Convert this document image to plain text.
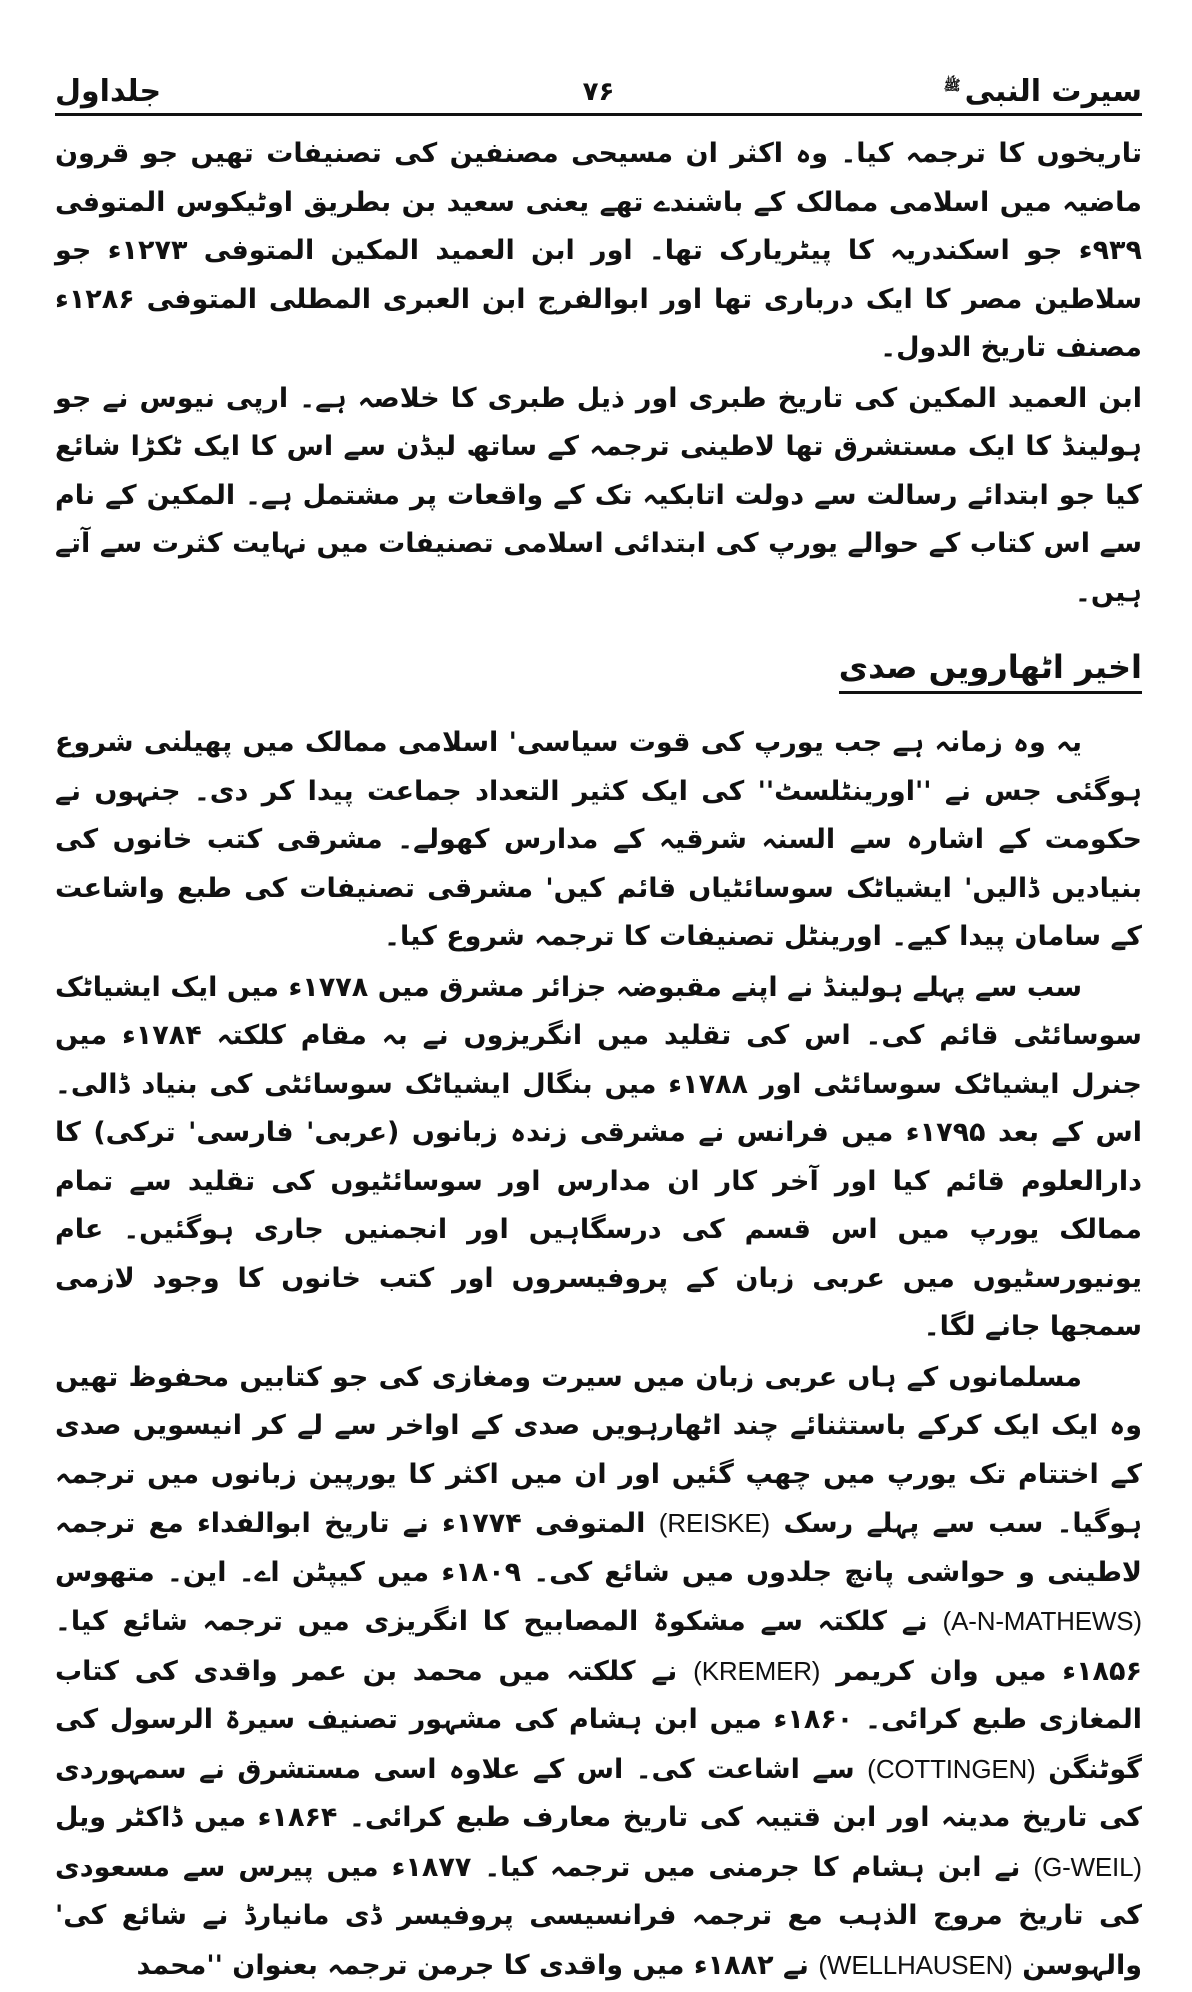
سیرت النبی$^ﷺ$
۷۶
جلداول

تاریخوں کا ترجمہ کیا۔ وہ اکثر ان مسیحی مصنفین کی تصنیفات تھیں جو قرون ماضیہ میں اسلامی ممالک کے باشندے تھے یعنی سعید بن بطریق اوٹیکوس المتوفی ۹۳۹ء جو اسکندریہ کا پیٹریارک تھا۔ اور ابن العمید المکین المتوفی ۱۲۷۳ء جو سلاطین مصر کا ایک درباری تھا اور ابوالفرج ابن العبری المطلی المتوفی ۱۲۸۶ء مصنف تاریخ الدول۔

ابن العمید المکین کی تاریخ طبری اور ذیل طبری کا خلاصہ ہے۔ ارپی نیوس نے جو ہولینڈ کا ایک مستشرق تھا لاطینی ترجمہ کے ساتھ لیڈن سے اس کا ایک ٹکڑا شائع کیا جو ابتدائے رسالت سے دولت اتابکیہ تک کے واقعات پر مشتمل ہے۔ المکین کے نام سے اس کتاب کے حوالے یورپ کی ابتدائی اسلامی تصنیفات میں نہایت کثرت سے آتے ہیں۔

اخیر اٹھارویں صدی

یہ وہ زمانہ ہے جب یورپ کی قوت سیاسی' اسلامی ممالک میں پھیلنی شروع ہوگئی جس نے ''اورینٹلسٹ'' کی ایک کثیر التعداد جماعت پیدا کر دی۔ جنہوں نے حکومت کے اشارہ سے السنہ شرقیہ کے مدارس کھولے۔ مشرقی کتب خانوں کی بنیادیں ڈالیں' ایشیاٹک سوسائٹیاں قائم کیں' مشرقی تصنیفات کی طبع واشاعت کے سامان پیدا کیے۔ اورینٹل تصنیفات کا ترجمہ شروع کیا۔

سب سے پہلے ہولینڈ نے اپنے مقبوضہ جزائر مشرق میں ۱۷۷۸ء میں ایک ایشیاٹک سوسائٹی قائم کی۔ اس کی تقلید میں انگریزوں نے بہ مقام کلکتہ ۱۷۸۴ء میں جنرل ایشیاٹک سوسائٹی اور ۱۷۸۸ء میں بنگال ایشیاٹک سوسائٹی کی بنیاد ڈالی۔ اس کے بعد ۱۷۹۵ء میں فرانس نے مشرقی زندہ زبانوں (عربی' فارسی' ترکی) کا دارالعلوم قائم کیا اور آخر کار ان مدارس اور سوسائٹیوں کی تقلید سے تمام ممالک یورپ میں اس قسم کی درسگاہیں اور انجمنیں جاری ہوگئیں۔ عام یونیورسٹیوں میں عربی زبان کے پروفیسروں اور کتب خانوں کا وجود لازمی سمجھا جانے لگا۔

مسلمانوں کے ہاں عربی زبان میں سیرت ومغازی کی جو کتابیں محفوظ تھیں وہ ایک ایک کرکے باستثنائے چند اٹھارہویں صدی کے اواخر سے لے کر انیسویں صدی کے اختتام تک یورپ میں چھپ گئیں اور ان میں اکثر کا یورپین زبانوں میں ترجمہ ہوگیا۔ سب سے پہلے رسک (REISKE) المتوفی ۱۷۷۴ء نے تاریخ ابوالفداء مع ترجمہ لاطینی و حواشی پانچ جلدوں میں شائع کی۔ ۱۸۰۹ء میں کیپٹن اے۔ این۔ متھوس (A-N-MATHEWS) نے کلکتہ سے مشکوۃ المصابیح کا انگریزی میں ترجمہ شائع کیا۔ ۱۸۵۶ء میں وان کریمر (KREMER) نے کلکتہ میں محمد بن عمر واقدی کی کتاب المغازی طبع کرائی۔ ۱۸۶۰ء میں ابن ہشام کی مشہور تصنیف سیرۃ الرسول کی گوٹنگن (COTTINGEN) سے اشاعت کی۔ اس کے علاوہ اسی مستشرق نے سمہوردی کی تاریخ مدینہ اور ابن قتیبہ کی تاریخ معارف طبع کرائی۔ ۱۸۶۴ء میں ڈاکٹر ویل (G-WEIL) نے ابن ہشام کا جرمنی میں ترجمہ کیا۔ ۱۸۷۷ء میں پیرس سے مسعودی کی تاریخ مروج الذہب مع ترجمہ فرانسیسی پروفیسر ڈی مانیارڈ نے شائع کی' والہوسن (WELLHAUSEN) نے ۱۸۸۲ء میں واقدی کا جرمن ترجمہ بعنوان ''محمد
